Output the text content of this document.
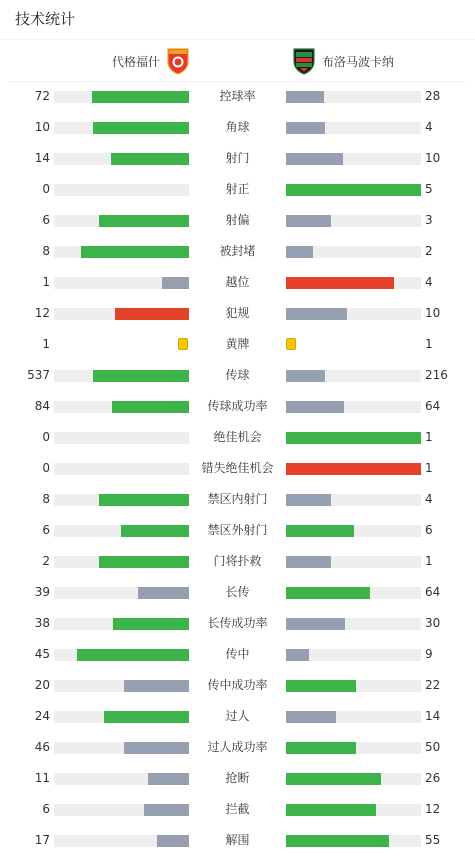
技术统计
代格福什	布洛马波卡纳
72	控球率	28
10	角球	4
14	射门	10
0	射正	5
6	射偏	3
8	被封堵	2
1	越位	4
12	犯规	10
1	黄牌	1
537	传球	216
84	传球成功率	64
0	绝佳机会	1
0	错失绝佳机会	1
8	禁区内射门	4
6	禁区外射门	6
2	门将扑救	1
39	长传	64
38	长传成功率	30
45	传中	9
20	传中成功率	22
24	过人	14
46	过人成功率	50
11	抢断	26
6	拦截	12
17	解围	55
